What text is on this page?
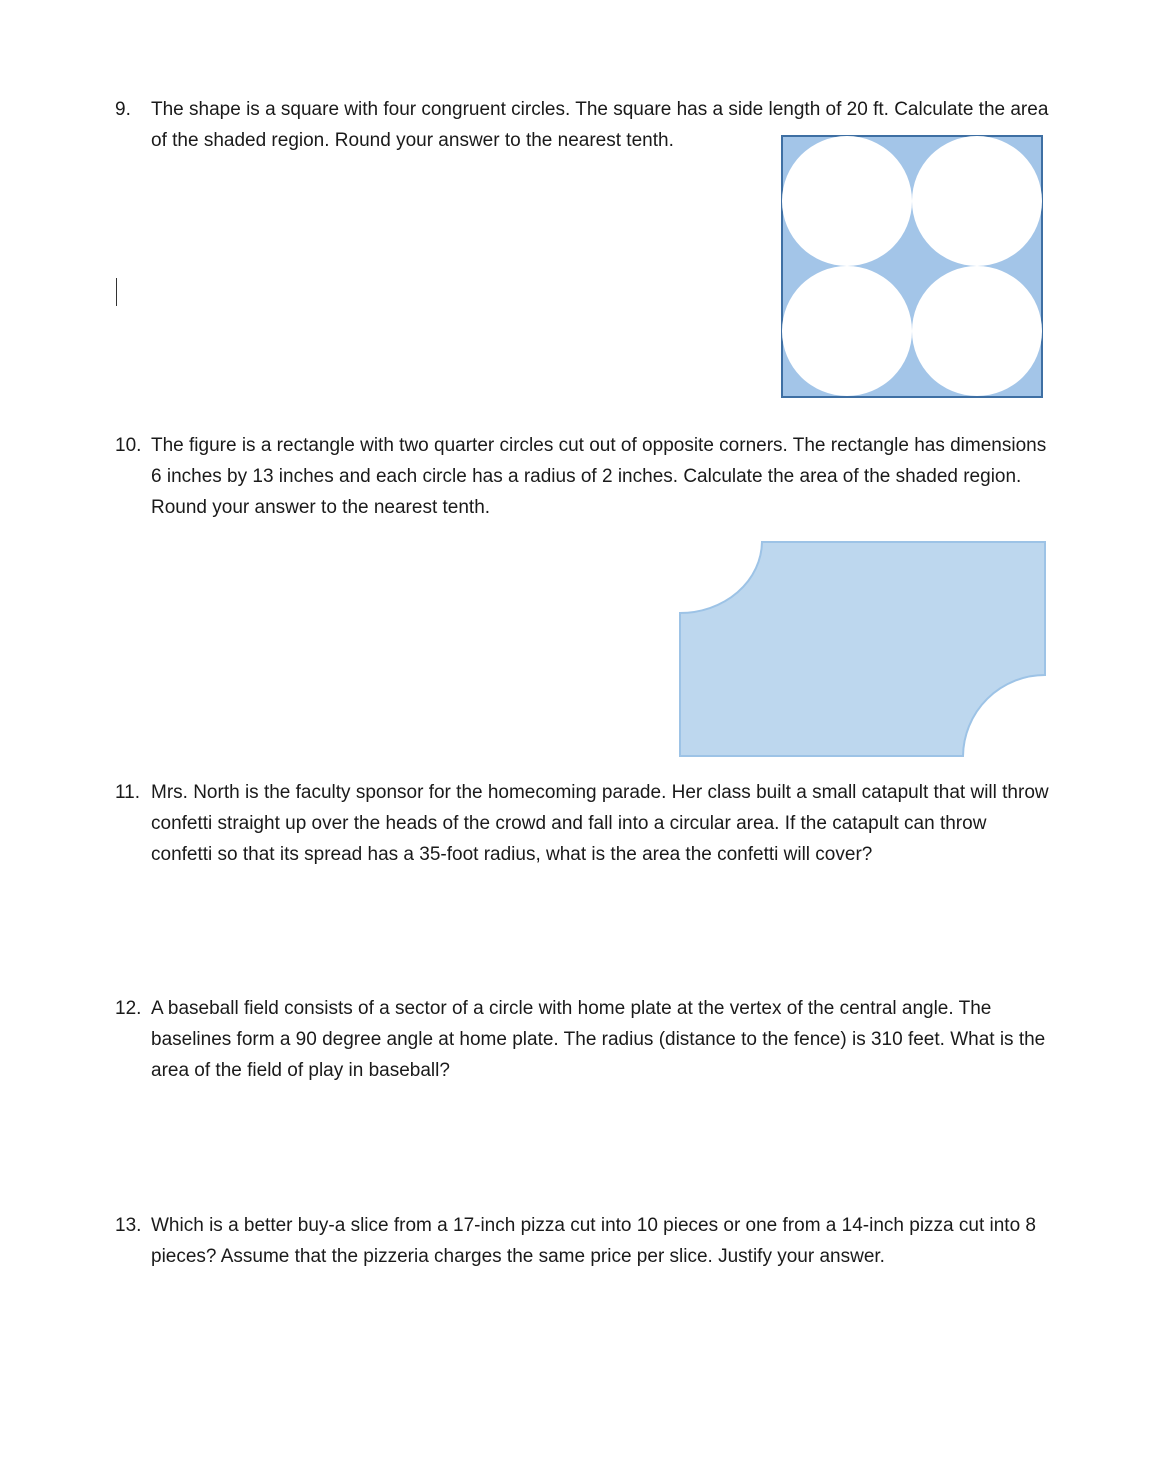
9.	The shape is a square with four congruent circles. The square has a side length of 20 ft. Calculate the area of the shaded region. Round your answer to the nearest tenth.
10. The figure is a rectangle with two quarter circles cut out of opposite corners. The rectangle has dimensions 6 inches by 13 inches and each circle has a radius of 2 inches. Calculate the area of the shaded region. Round your answer to the nearest tenth.
11. Mrs. North is the faculty sponsor for the homecoming parade. Her class built a small catapult that will throw confetti straight up over the heads of the crowd and fall into a circular area. If the catapult can throw confetti so that its spread has a 35-foot radius, what is the area the confetti will cover?
12. A baseball field consists of a sector of a circle with home plate at the vertex of the central angle. The baselines form a 90 degree angle at home plate. The radius (distance to the fence) is 310 feet. What is the area of the field of play in baseball?
13. Which is a better buy-a slice from a 17-inch pizza cut into 10 pieces or one from a 14-inch pizza cut into 8 pieces? Assume that the pizzeria charges the same price per slice. Justify your answer.
